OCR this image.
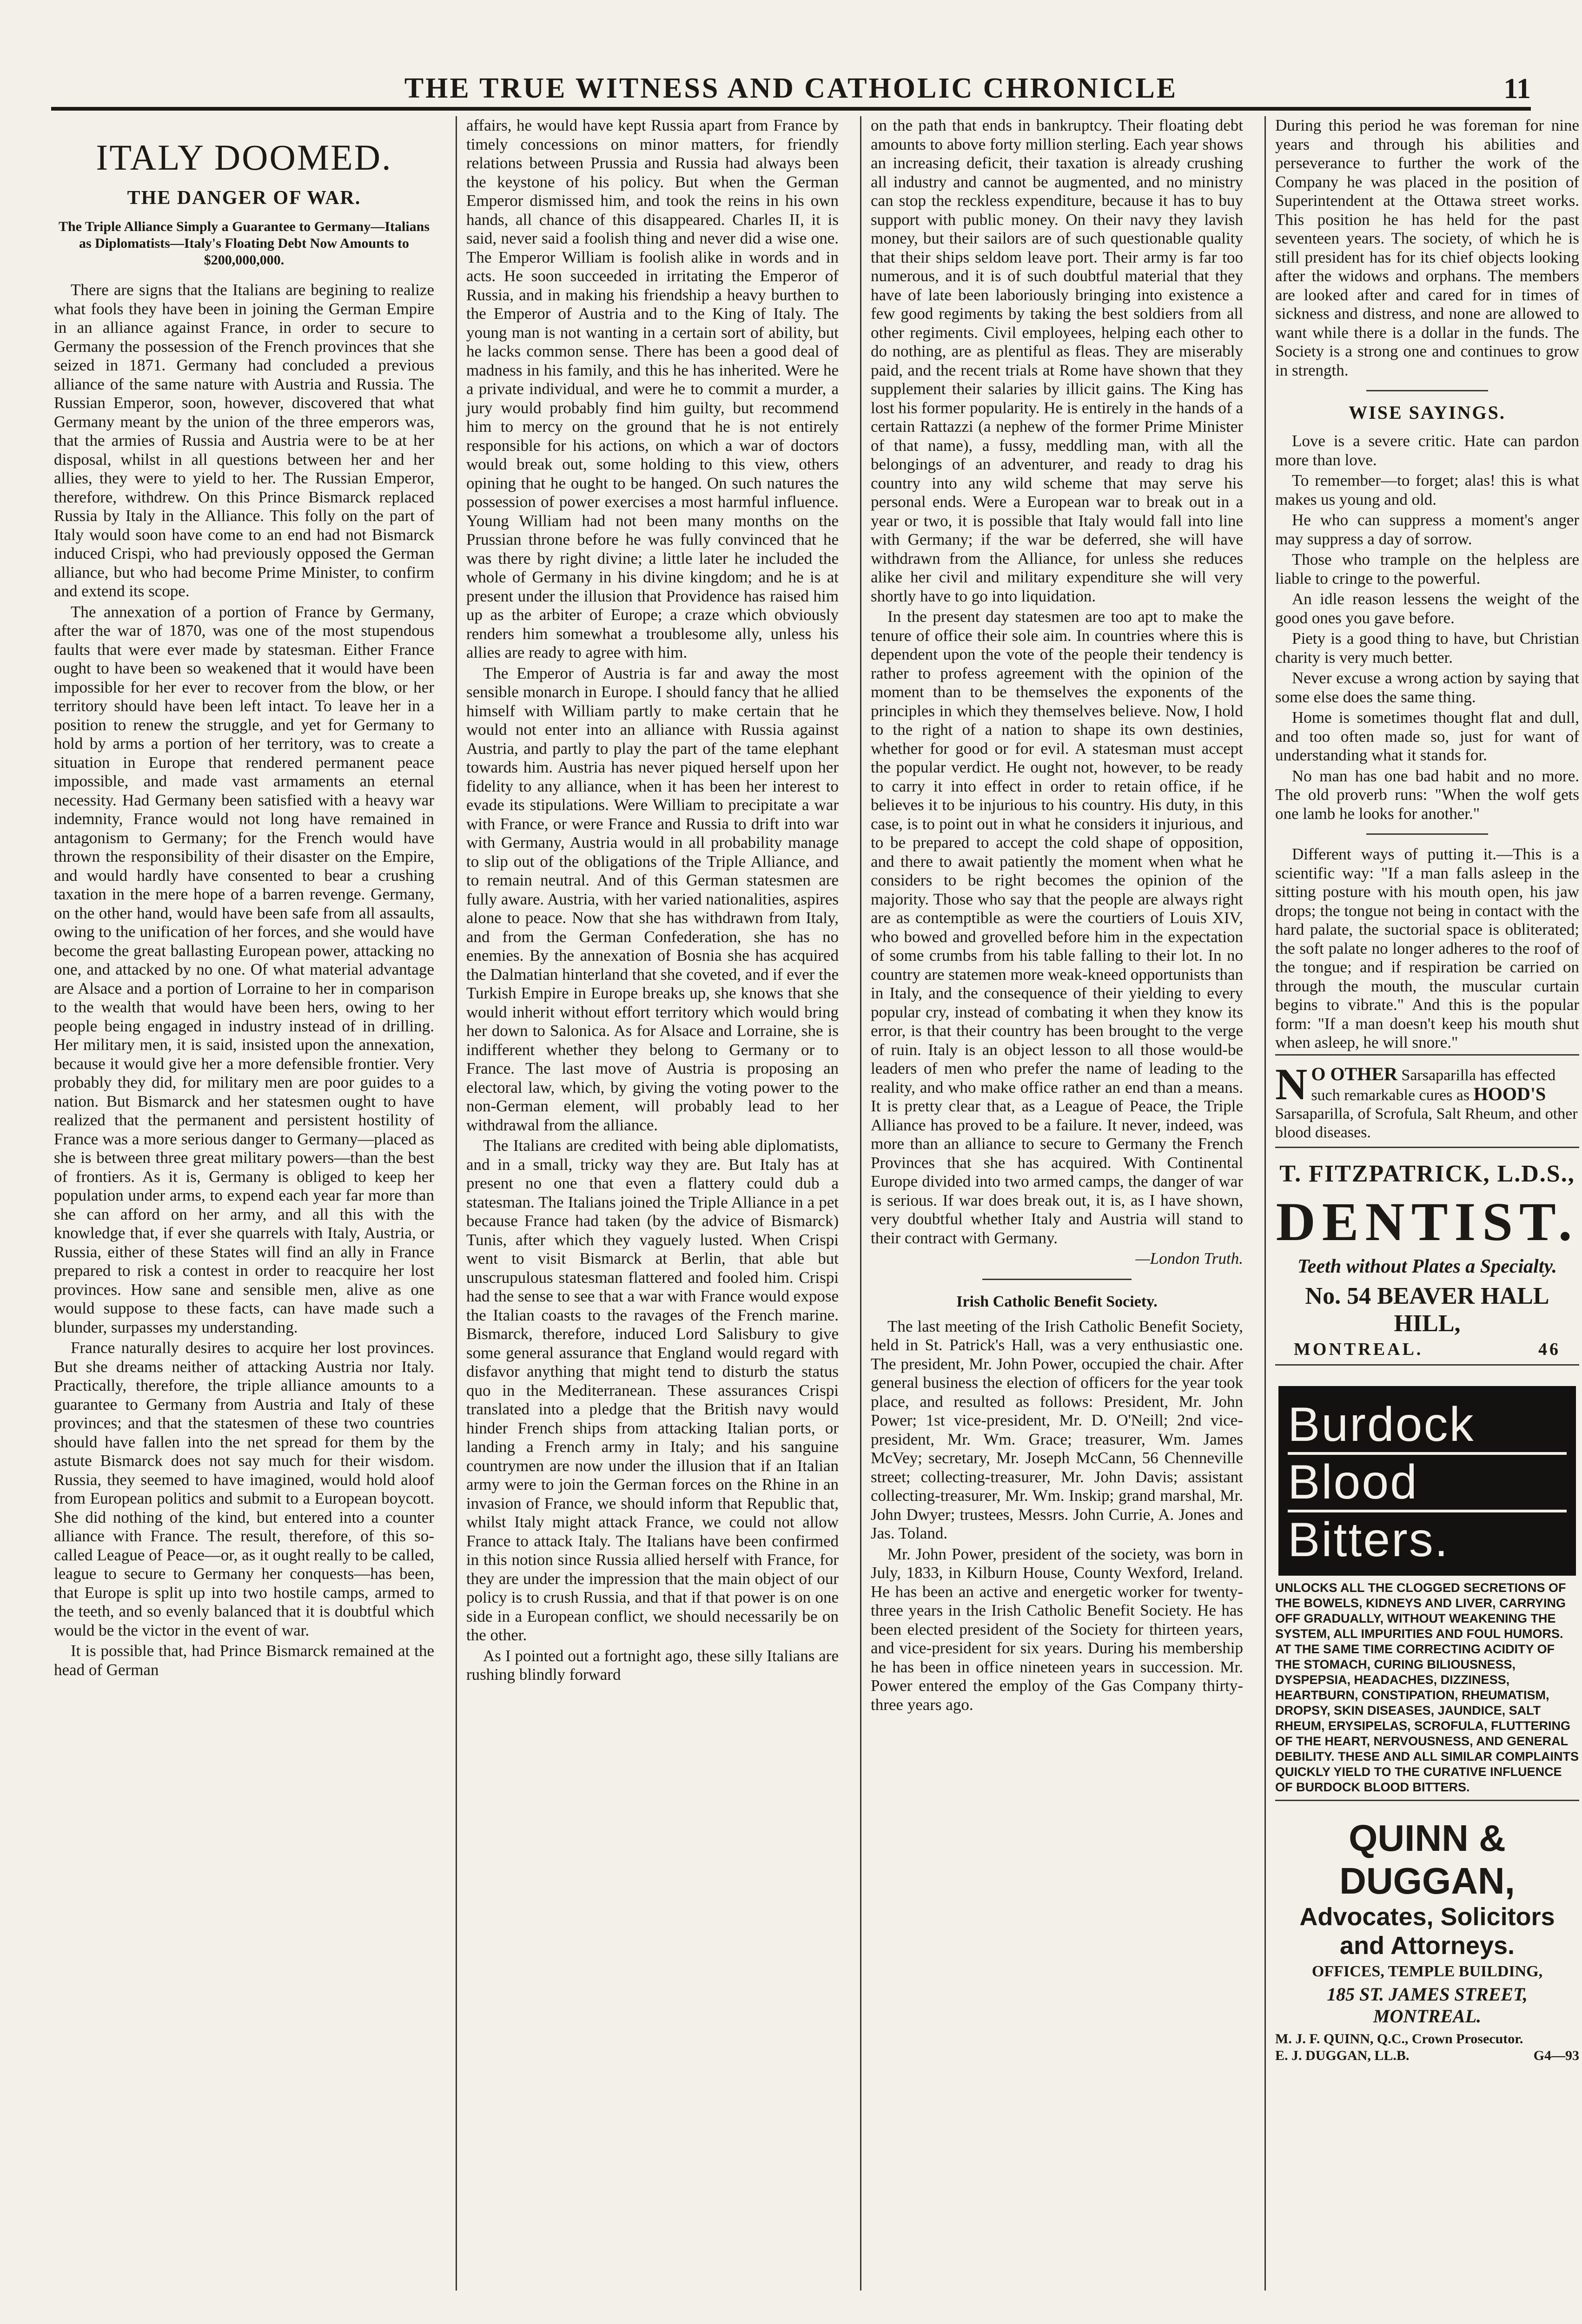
THE TRUE WITNESS AND CATHOLIC CHRONICLE	11
ITALY DOOMED.
THE DANGER OF WAR.
The Triple Alliance Simply a Guarantee to Germany—Italians as Diplomatists—Italy's Floating Debt Now Amounts to $200,000,000.

There are signs that the Italians are begining to realize what fools they have been in joining the German Empire in an alliance against France, in order to secure to Germany the possession of the French provinces that she seized in 1871. Germany had concluded a previous alliance of the same nature with Austria and Russia. The Russian Emperor, soon, however, discovered that what Germany meant by the union of the three emperors was, that the armies of Russia and Austria were to be at her disposal, whilst in all questions between her and her allies, they were to yield to her. The Russian Emperor, therefore, withdrew. On this Prince Bismarck replaced Russia by Italy in the Alliance. This folly on the part of Italy would soon have come to an end had not Bismarck induced Crispi, who had previously opposed the German alliance, but who had become Prime Minister, to confirm and extend its scope.

The annexation of a portion of France by Germany, after the war of 1870, was one of the most stupendous faults that were ever made by statesman. Either France ought to have been so weakened that it would have been impossible for her ever to recover from the blow, or her territory should have been left intact. To leave her in a position to renew the struggle, and yet for Germany to hold by arms a portion of her territory, was to create a situation in Europe that rendered permanent peace impossible, and made vast armaments an eternal necessity. Had Germany been satisfied with a heavy war indemnity, France would not long have remained in antagonism to Germany; for the French would have thrown the responsibility of their disaster on the Empire, and would hardly have consented to bear a crushing taxation in the mere hope of a barren revenge. Germany, on the other hand, would have been safe from all assaults, owing to the unification of her forces, and she would have become the great ballasting European power, attacking no one, and attacked by no one. Of what material advantage are Alsace and a portion of Lorraine to her in comparison to the wealth that would have been hers, owing to her people being engaged in industry instead of in drilling. Her military men, it is said, insisted upon the annexation, because it would give her a more defensible frontier. Very probably they did, for military men are poor guides to a nation. But Bismarck and her statesmen ought to have realized that the permanent and persistent hostility of France was a more serious danger to Germany—placed as she is between three great military powers—than the best of frontiers. As it is, Germany is obliged to keep her population under arms, to expend each year far more than she can afford on her army, and all this with the knowledge that, if ever she quarrels with Italy, Austria, or Russia, either of these States will find an ally in France prepared to risk a contest in order to reacquire her lost provinces. How sane and sensible men, alive as one would suppose to these facts, can have made such a blunder, surpasses my understanding.

France naturally desires to acquire her lost provinces. But she dreams neither of attacking Austria nor Italy. Practically, therefore, the triple alliance amounts to a guarantee to Germany from Austria and Italy of these provinces; and that the statesmen of these two countries should have fallen into the net spread for them by the astute Bismarck does not say much for their wisdom. Russia, they seemed to have imagined, would hold aloof from European politics and submit to a European boycott. She did nothing of the kind, but entered into a counter alliance with France. The result, therefore, of this so-called League of Peace—or, as it ought really to be called, league to secure to Germany her conquests—has been, that Europe is split up into two hostile camps, armed to the teeth, and so evenly balanced that it is doubtful which would be the victor in the event of war.

It is possible that, had Prince Bismarck remained at the head of German

affairs, he would have kept Russia apart from France by timely concessions on minor matters, for friendly relations between Prussia and Russia had always been the keystone of his policy. But when the German Emperor dismissed him, and took the reins in his own hands, all chance of this disappeared. Charles II, it is said, never said a foolish thing and never did a wise one. The Emperor William is foolish alike in words and in acts. He soon succeeded in irritating the Emperor of Russia, and in making his friendship a heavy burthen to the Emperor of Austria and to the King of Italy. The young man is not wanting in a certain sort of ability, but he lacks common sense. There has been a good deal of madness in his family, and this he has inherited. Were he a private individual, and were he to commit a murder, a jury would probably find him guilty, but recommend him to mercy on the ground that he is not entirely responsible for his actions, on which a war of doctors would break out, some holding to this view, others opining that he ought to be hanged. On such natures the possession of power exercises a most harmful influence. Young William had not been many months on the Prussian throne before he was fully convinced that he was there by right divine; a little later he included the whole of Germany in his divine kingdom; and he is at present under the illusion that Providence has raised him up as the arbiter of Europe; a craze which obviously renders him somewhat a troublesome ally, unless his allies are ready to agree with him.

The Emperor of Austria is far and away the most sensible monarch in Europe. I should fancy that he allied himself with William partly to make certain that he would not enter into an alliance with Russia against Austria, and partly to play the part of the tame elephant towards him. Austria has never piqued herself upon her fidelity to any alliance, when it has been her interest to evade its stipulations. Were William to precipitate a war with France, or were France and Russia to drift into war with Germany, Austria would in all probability manage to slip out of the obligations of the Triple Alliance, and to remain neutral. And of this German statesmen are fully aware. Austria, with her varied nationalities, aspires alone to peace. Now that she has withdrawn from Italy, and from the German Confederation, she has no enemies. By the annexation of Bosnia she has acquired the Dalmatian hinterland that she coveted, and if ever the Turkish Empire in Europe breaks up, she knows that she would inherit without effort territory which would bring her down to Salonica. As for Alsace and Lorraine, she is indifferent whether they belong to Germany or to France. The last move of Austria is proposing an electoral law, which, by giving the voting power to the non-German element, will probably lead to her withdrawal from the alliance.

The Italians are credited with being able diplomatists, and in a small, tricky way they are. But Italy has at present no one that even a flattery could dub a statesman. The Italians joined the Triple Alliance in a pet because France had taken (by the advice of Bismarck) Tunis, after which they vaguely lusted. When Crispi went to visit Bismarck at Berlin, that able but unscrupulous statesman flattered and fooled him. Crispi had the sense to see that a war with France would expose the Italian coasts to the ravages of the French marine. Bismarck, therefore, induced Lord Salisbury to give some general assurance that England would regard with disfavor anything that might tend to disturb the status quo in the Mediterranean. These assurances Crispi translated into a pledge that the British navy would hinder French ships from attacking Italian ports, or landing a French army in Italy; and his sanguine countrymen are now under the illusion that if an Italian army were to join the German forces on the Rhine in an invasion of France, we should inform that Republic that, whilst Italy might attack France, we could not allow France to attack Italy. The Italians have been confirmed in this notion since Russia allied herself with France, for they are under the impression that the main object of our policy is to crush Russia, and that if that power is on one side in a European conflict, we should necessarily be on the other.

As I pointed out a fortnight ago, these silly Italians are rushing blindly forward

on the path that ends in bankruptcy. Their floating debt amounts to above forty million sterling. Each year shows an increasing deficit, their taxation is already crushing all industry and cannot be augmented, and no ministry can stop the reckless expenditure, because it has to buy support with public money. On their navy they lavish money, but their sailors are of such questionable quality that their ships seldom leave port. Their army is far too numerous, and it is of such doubtful material that they have of late been laboriously bringing into existence a few good regiments by taking the best soldiers from all other regiments. Civil employees, helping each other to do nothing, are as plentiful as fleas. They are miserably paid, and the recent trials at Rome have shown that they supplement their salaries by illicit gains. The King has lost his former popularity. He is entirely in the hands of a certain Rattazzi (a nephew of the former Prime Minister of that name), a fussy, meddling man, with all the belongings of an adventurer, and ready to drag his country into any wild scheme that may serve his personal ends. Were a European war to break out in a year or two, it is possible that Italy would fall into line with Germany; if the war be deferred, she will have withdrawn from the Alliance, for unless she reduces alike her civil and military expenditure she will very shortly have to go into liquidation.

In the present day statesmen are too apt to make the tenure of office their sole aim. In countries where this is dependent upon the vote of the people their tendency is rather to profess agreement with the opinion of the moment than to be themselves the exponents of the principles in which they themselves believe. Now, I hold to the right of a nation to shape its own destinies, whether for good or for evil. A statesman must accept the popular verdict. He ought not, however, to be ready to carry it into effect in order to retain office, if he believes it to be injurious to his country. His duty, in this case, is to point out in what he considers it injurious, and to be prepared to accept the cold shape of opposition, and there to await patiently the moment when what he considers to be right becomes the opinion of the majority. Those who say that the people are always right are as contemptible as were the courtiers of Louis XIV, who bowed and grovelled before him in the expectation of some crumbs from his table falling to their lot. In no country are statemen more weak-kneed opportunists than in Italy, and the consequence of their yielding to every popular cry, instead of combating it when they know its error, is that their country has been brought to the verge of ruin. Italy is an object lesson to all those would-be leaders of men who prefer the name of leading to the reality, and who make office rather an end than a means. It is pretty clear that, as a League of Peace, the Triple Alliance has proved to be a failure. It never, indeed, was more than an alliance to secure to Germany the French Provinces that she has acquired. With Continental Europe divided into two armed camps, the danger of war is serious. If war does break out, it is, as I have shown, very doubtful whether Italy and Austria will stand to their contract with Germany.

—London Truth.

Irish Catholic Benefit Society.

The last meeting of the Irish Catholic Benefit Society, held in St. Patrick's Hall, was a very enthusiastic one. The president, Mr. John Power, occupied the chair. After general business the election of officers for the year took place, and resulted as follows: President, Mr. John Power; 1st vice-president, Mr. D. O'Neill; 2nd vice-president, Mr. Wm. Grace; treasurer, Wm. James McVey; secretary, Mr. Joseph McCann, 56 Chenneville street; collecting-treasurer, Mr. John Davis; assistant collecting-treasurer, Mr. Wm. Inskip; grand marshal, Mr. John Dwyer; trustees, Messrs. John Currie, A. Jones and Jas. Toland.

Mr. John Power, president of the society, was born in July, 1833, in Kilburn House, County Wexford, Ireland. He has been an active and energetic worker for twenty-three years in the Irish Catholic Benefit Society. He has been elected president of the Society for thirteen years, and vice-president for six years. During his membership he has been in office nineteen years in succession. Mr. Power entered the employ of the Gas Company thirty-three years ago.

During this period he was foreman for nine years and through his abilities and perseverance to further the work of the Company he was placed in the position of Superintendent at the Ottawa street works. This position he has held for the past seventeen years. The society, of which he is still president has for its chief objects looking after the widows and orphans. The members are looked after and cared for in times of sickness and distress, and none are allowed to want while there is a dollar in the funds. The Society is a strong one and continues to grow in strength.

WISE SAYINGS.

Love is a severe critic. Hate can pardon more than love.

To remember—to forget; alas! this is what makes us young and old.

He who can suppress a moment's anger may suppress a day of sorrow.

Those who trample on the helpless are liable to cringe to the powerful.

An idle reason lessens the weight of the good ones you gave before.

Piety is a good thing to have, but Christian charity is very much better.

Never excuse a wrong action by saying that some else does the same thing.

Home is sometimes thought flat and dull, and too often made so, just for want of understanding what it stands for.

No man has one bad habit and no more. The old proverb runs: "When the wolf gets one lamb he looks for another."

Different ways of putting it.—This is a scientific way: "If a man falls asleep in the sitting posture with his mouth open, his jaw drops; the tongue not being in contact with the hard palate, the suctorial space is obliterated; the soft palate no longer adheres to the roof of the tongue; and if respiration be carried on through the mouth, the muscular curtain begins to vibrate." And this is the popular form: "If a man doesn't keep his mouth shut when asleep, he will snore."

N O OTHER Sarsaparilla has effected such remarkable cures as HOOD'S Sarsaparilla, of Scrofula, Salt Rheum, and other blood diseases.
T. FITZPATRICK, L.D.S.,
DENTIST.
Teeth without Plates a Specialty.
No. 54 BEAVER HALL HILL,
MONTREAL.	46
Burdock
Blood
Bitters.
UNLOCKS ALL THE CLOGGED SECRETIONS OF THE BOWELS, KIDNEYS AND LIVER, CARRYING OFF GRADUALLY, WITHOUT WEAKENING THE SYSTEM, ALL IMPURITIES AND FOUL HUMORS. AT THE SAME TIME CORRECTING ACIDITY OF THE STOMACH, CURING BILIOUSNESS, DYSPEPSIA, HEADACHES, DIZZINESS, HEARTBURN, CONSTIPATION, RHEUMATISM, DROPSY, SKIN DISEASES, JAUNDICE, SALT RHEUM, ERYSIPELAS, SCROFULA, FLUTTERING OF THE HEART, NERVOUSNESS, AND GENERAL DEBILITY. THESE AND ALL SIMILAR COMPLAINTS QUICKLY YIELD TO THE CURATIVE INFLUENCE OF BURDOCK BLOOD BITTERS.
QUINN & DUGGAN,
Advocates, Solicitors and Attorneys.
OFFICES, TEMPLE BUILDING,
185 ST. JAMES STREET, MONTREAL.
M. J. F. QUINN, Q.C., Crown Prosecutor.
E. J. DUGGAN, LL.B.	G4—93
